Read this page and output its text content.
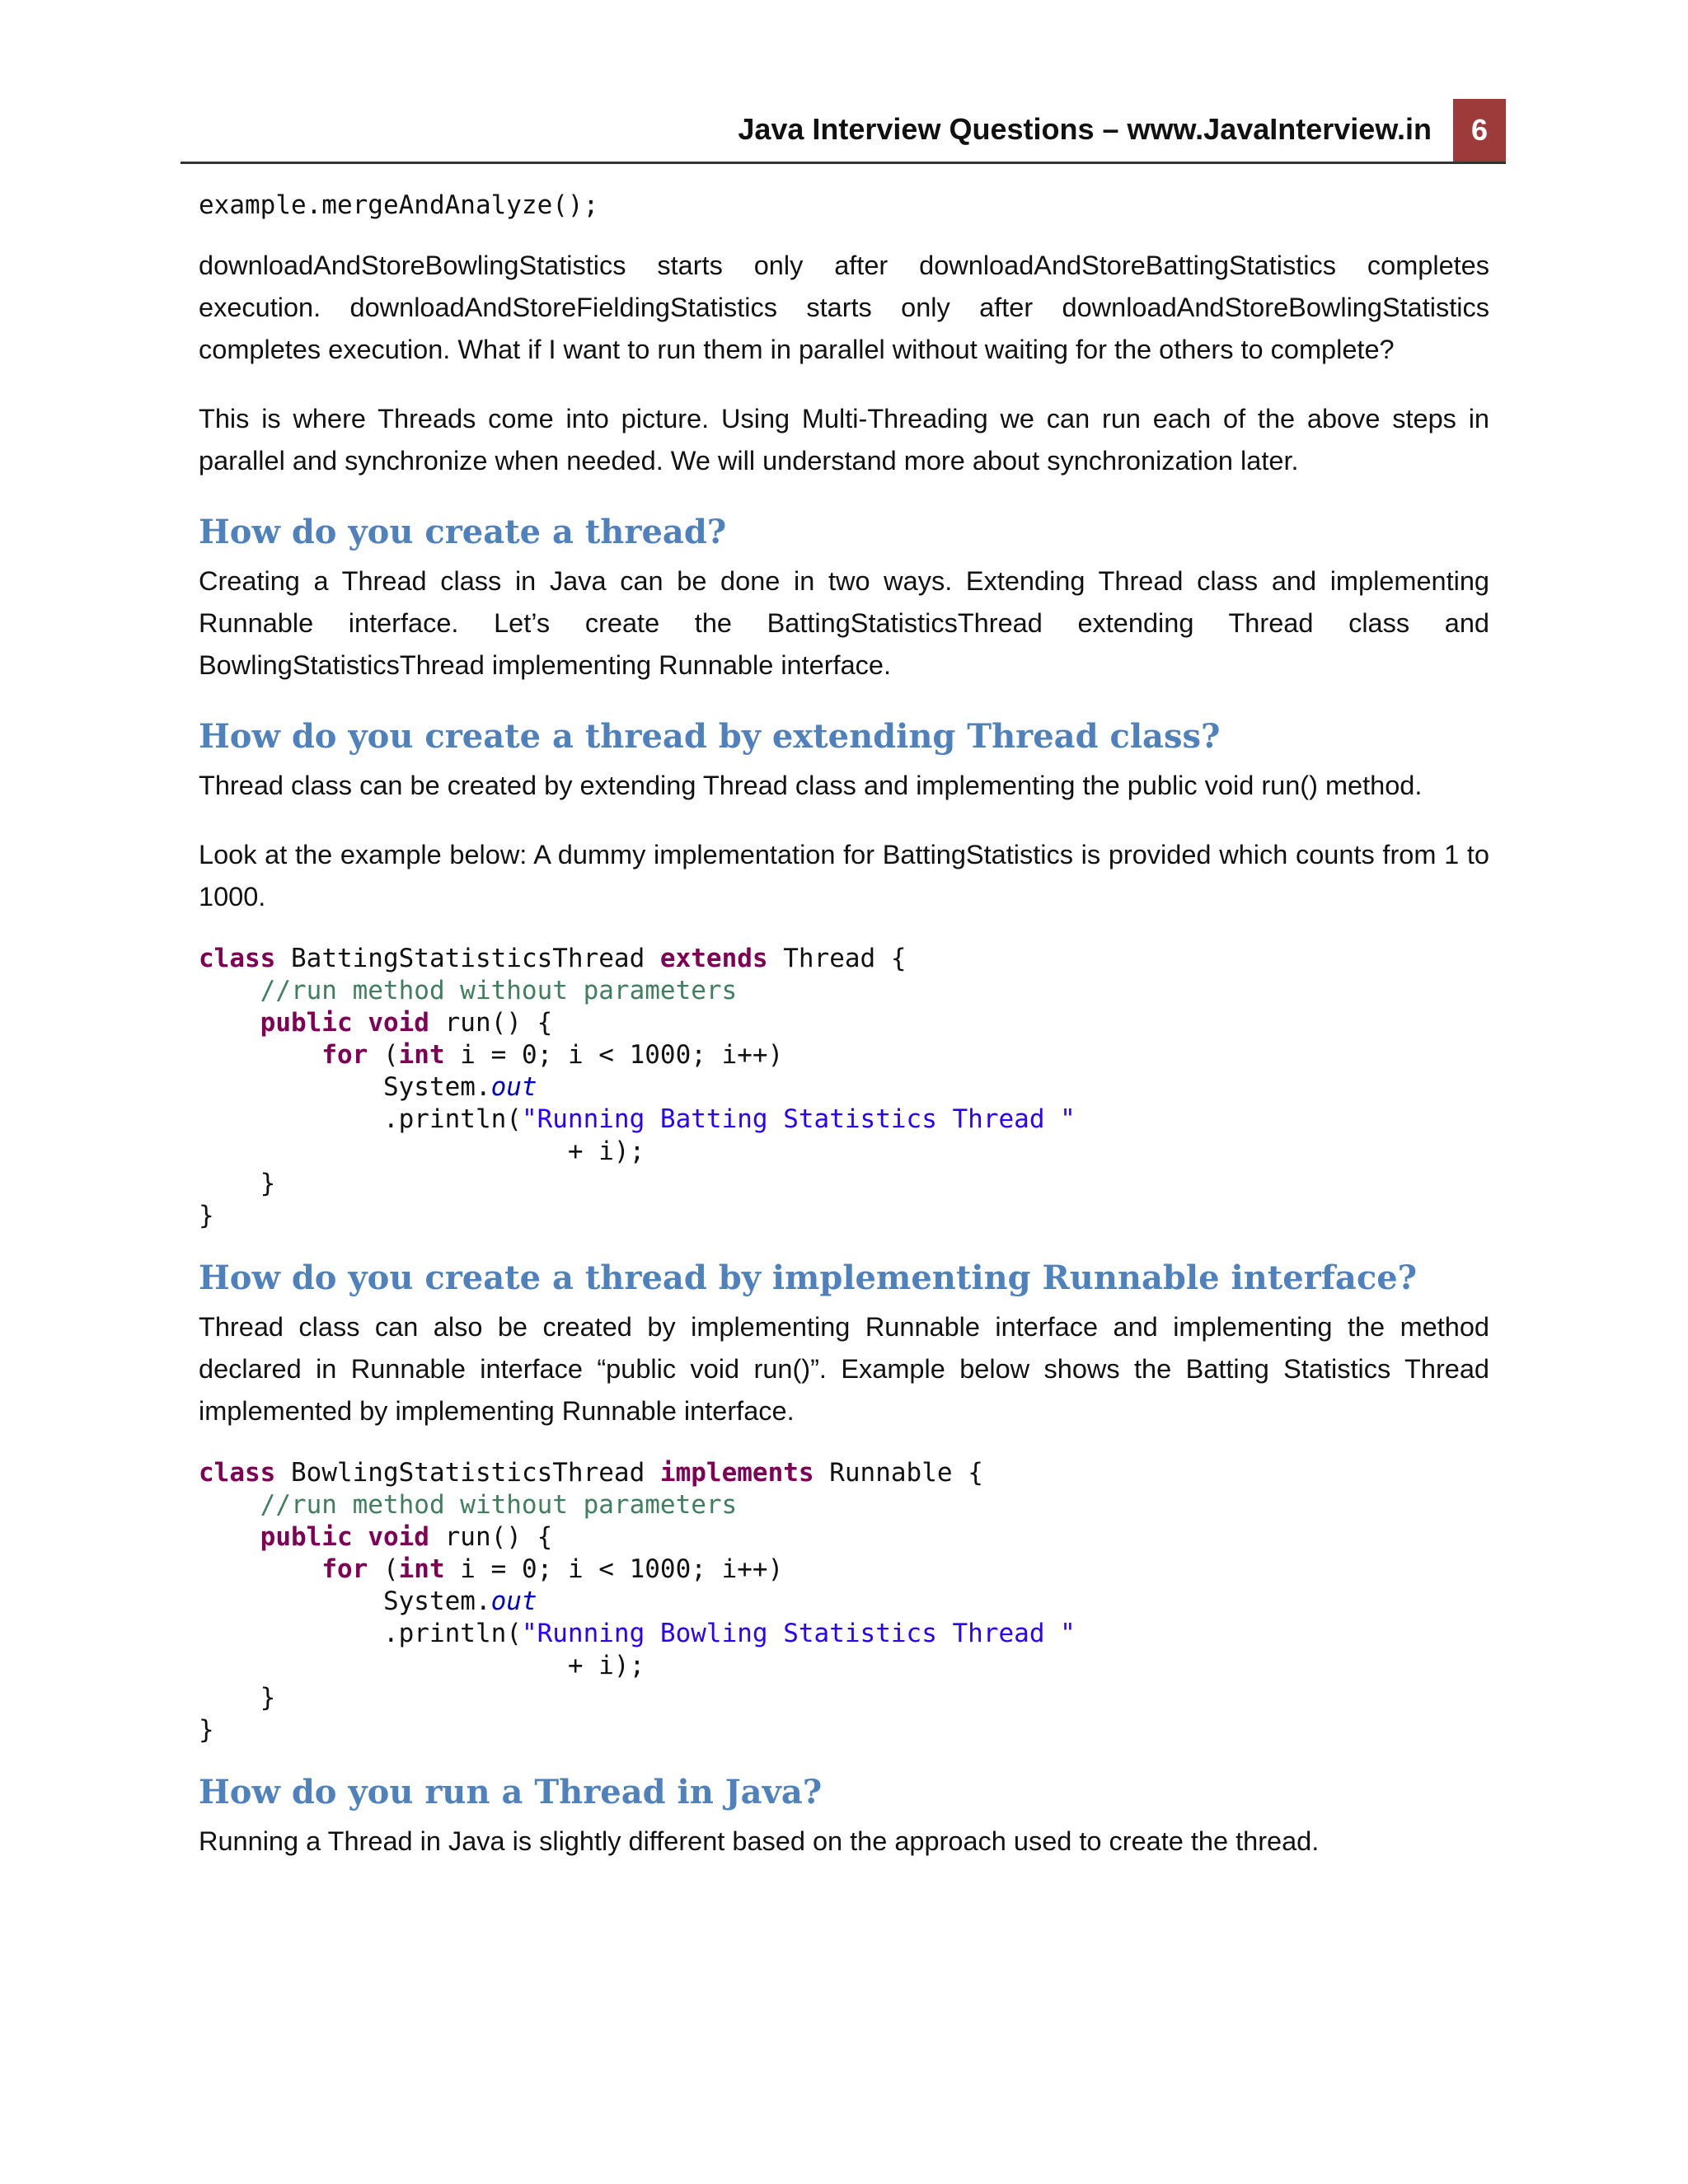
Java Interview Questions – www.JavaInterview.in	6
example.mergeAndAnalyze();

downloadAndStoreBowlingStatistics starts only after downloadAndStoreBattingStatistics completes execution. downloadAndStoreFieldingStatistics starts only after downloadAndStoreBowlingStatistics completes execution. What if I want to run them in parallel without waiting for the others to complete?

This is where Threads come into picture. Using Multi-Threading we can run each of the above steps in parallel and synchronize when needed. We will understand more about synchronization later.

How do you create a thread?

Creating a Thread class in Java can be done in two ways. Extending Thread class and implementing Runnable interface. Let’s create the BattingStatisticsThread extending Thread class and BowlingStatisticsThread implementing Runnable interface.

How do you create a thread by extending Thread class?

Thread class can be created by extending Thread class and implementing the public void run() method.

Look at the example below: A dummy implementation for BattingStatistics is provided which counts from 1 to 1000.

class BattingStatisticsThread extends Thread {
//run method without parameters
public void run() {
for (int i = 0; i < 1000; i++)
System.out
.println("Running Batting Statistics Thread "
+ i);
}
}
How do you create a thread by implementing Runnable interface?

Thread class can also be created by implementing Runnable interface and implementing the method declared in Runnable interface “public void run()”. Example below shows the Batting Statistics Thread implemented by implementing Runnable interface.

class BowlingStatisticsThread implements Runnable {
//run method without parameters
public void run() {
for (int i = 0; i < 1000; i++)
System.out
.println("Running Bowling Statistics Thread "
+ i);
}
}
How do you run a Thread in Java?

Running a Thread in Java is slightly different based on the approach used to create the thread.
